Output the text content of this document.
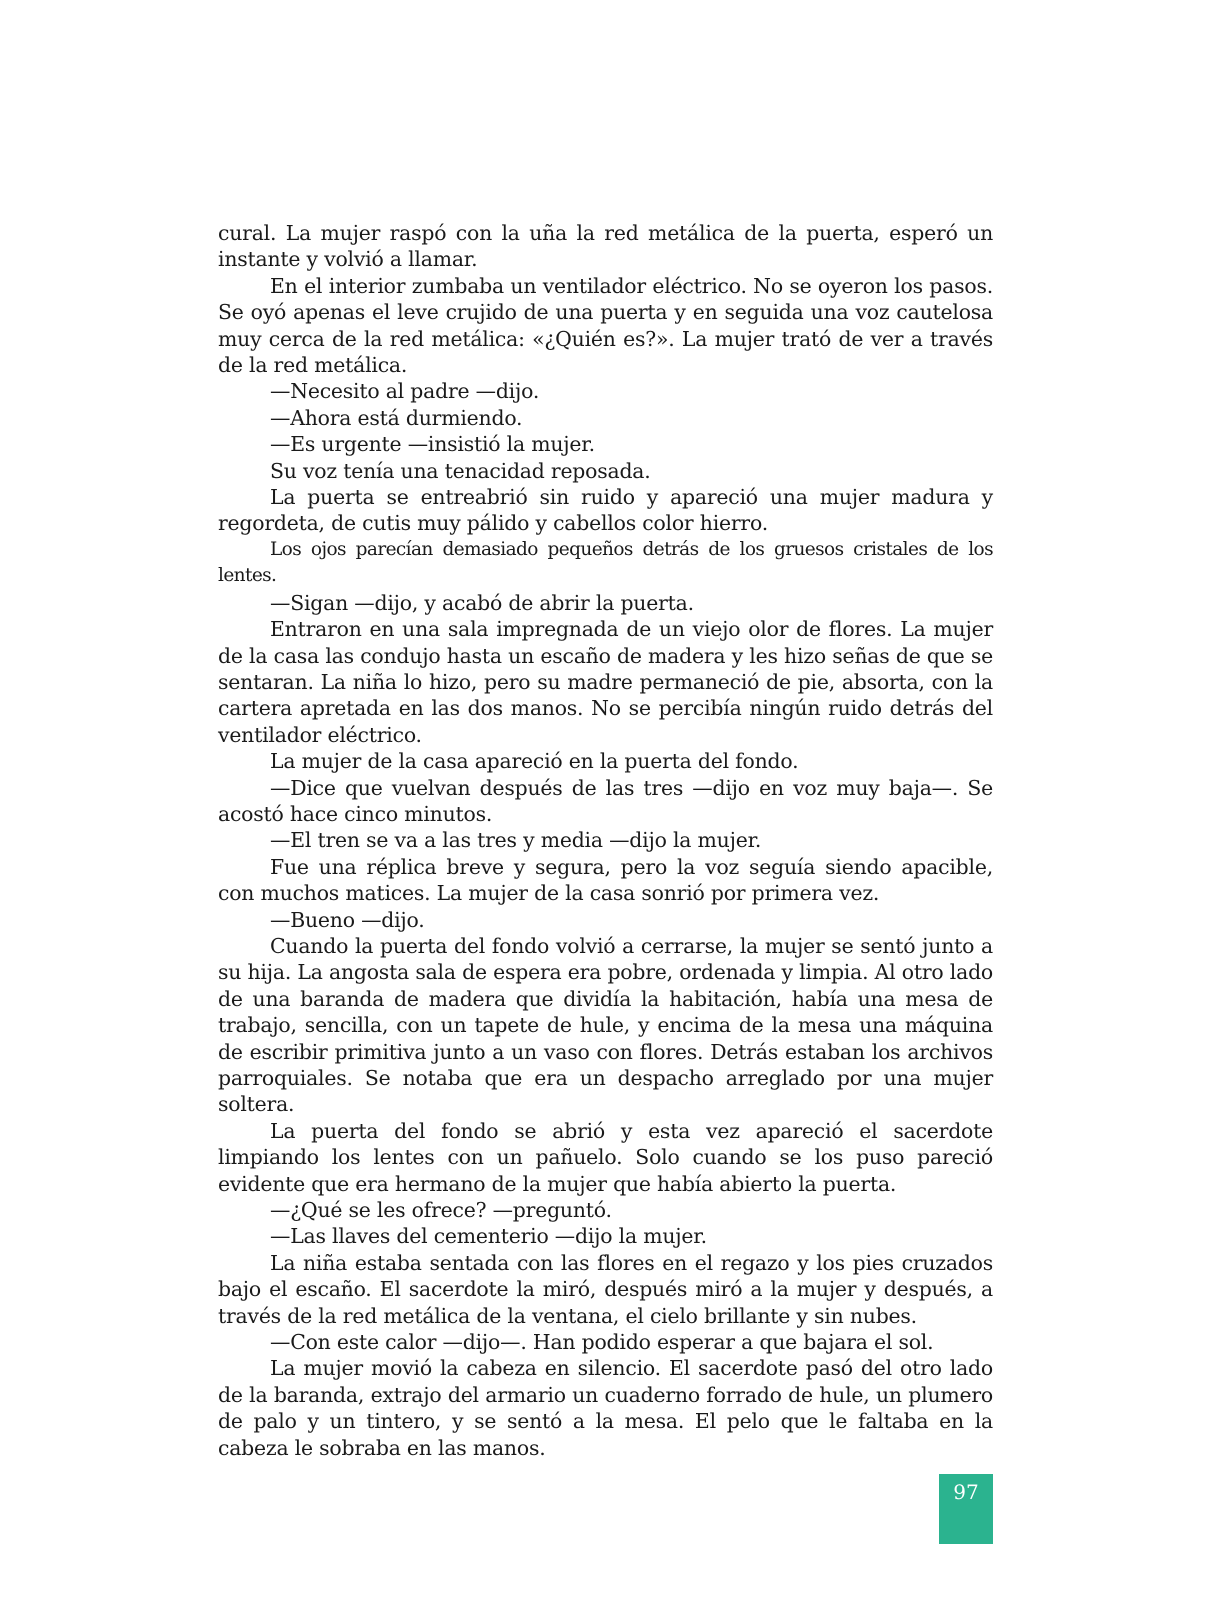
cural. La mujer raspó con la uña la red metálica de la puerta, esperó un instante y volvió a llamar.

En el interior zumbaba un ventilador eléctrico. No se oyeron los pasos. Se oyó apenas el leve crujido de una puerta y en seguida una voz cautelosa muy cerca de la red metálica: «¿Quién es?». La mujer trató de ver a través de la red metálica.

—Necesito al padre —dijo.

—Ahora está durmiendo.

—Es urgente —insistió la mujer.

Su voz tenía una tenacidad reposada.

La puerta se entreabrió sin ruido y apareció una mujer madura y regordeta, de cutis muy pálido y cabellos color hierro.

Los ojos parecían demasiado pequeños detrás de los gruesos cristales de los lentes.

—Sigan —dijo, y acabó de abrir la puerta.

Entraron en una sala impregnada de un viejo olor de flores. La mujer de la casa las condujo hasta un escaño de madera y les hizo señas de que se sentaran. La niña lo hizo, pero su madre permaneció de pie, absorta, con la cartera apretada en las dos manos. No se percibía ningún ruido detrás del ventilador eléctrico.

La mujer de la casa apareció en la puerta del fondo.

—Dice que vuelvan después de las tres —dijo en voz muy baja—. Se acostó hace cinco minutos.

—El tren se va a las tres y media —dijo la mujer.

Fue una réplica breve y segura, pero la voz seguía siendo apacible, con muchos matices. La mujer de la casa sonrió por primera vez.

—Bueno —dijo.

Cuando la puerta del fondo volvió a cerrarse, la mujer se sentó junto a su hija. La angosta sala de espera era pobre, ordenada y limpia. Al otro lado de una baranda de madera que dividía la habitación, había una mesa de trabajo, sencilla, con un tapete de hule, y encima de la mesa una máquina de escribir primitiva junto a un vaso con flores. Detrás estaban los archivos parroquiales. Se notaba que era un despacho arreglado por una mujer soltera.

La puerta del fondo se abrió y esta vez apareció el sacerdote limpiando los lentes con un pañuelo. Solo cuando se los puso pareció evidente que era hermano de la mujer que había abierto la puerta.

—¿Qué se les ofrece? —preguntó.

—Las llaves del cementerio —dijo la mujer.

La niña estaba sentada con las flores en el regazo y los pies cruzados bajo el escaño. El sacerdote la miró, después miró a la mujer y después, a través de la red metálica de la ventana, el cielo brillante y sin nubes.

—Con este calor —dijo—. Han podido esperar a que bajara el sol.

La mujer movió la cabeza en silencio. El sacerdote pasó del otro lado de la baranda, extrajo del armario un cuaderno forrado de hule, un plumero de palo y un tintero, y se sentó a la mesa. El pelo que le faltaba en la cabeza le sobraba en las manos.

97
